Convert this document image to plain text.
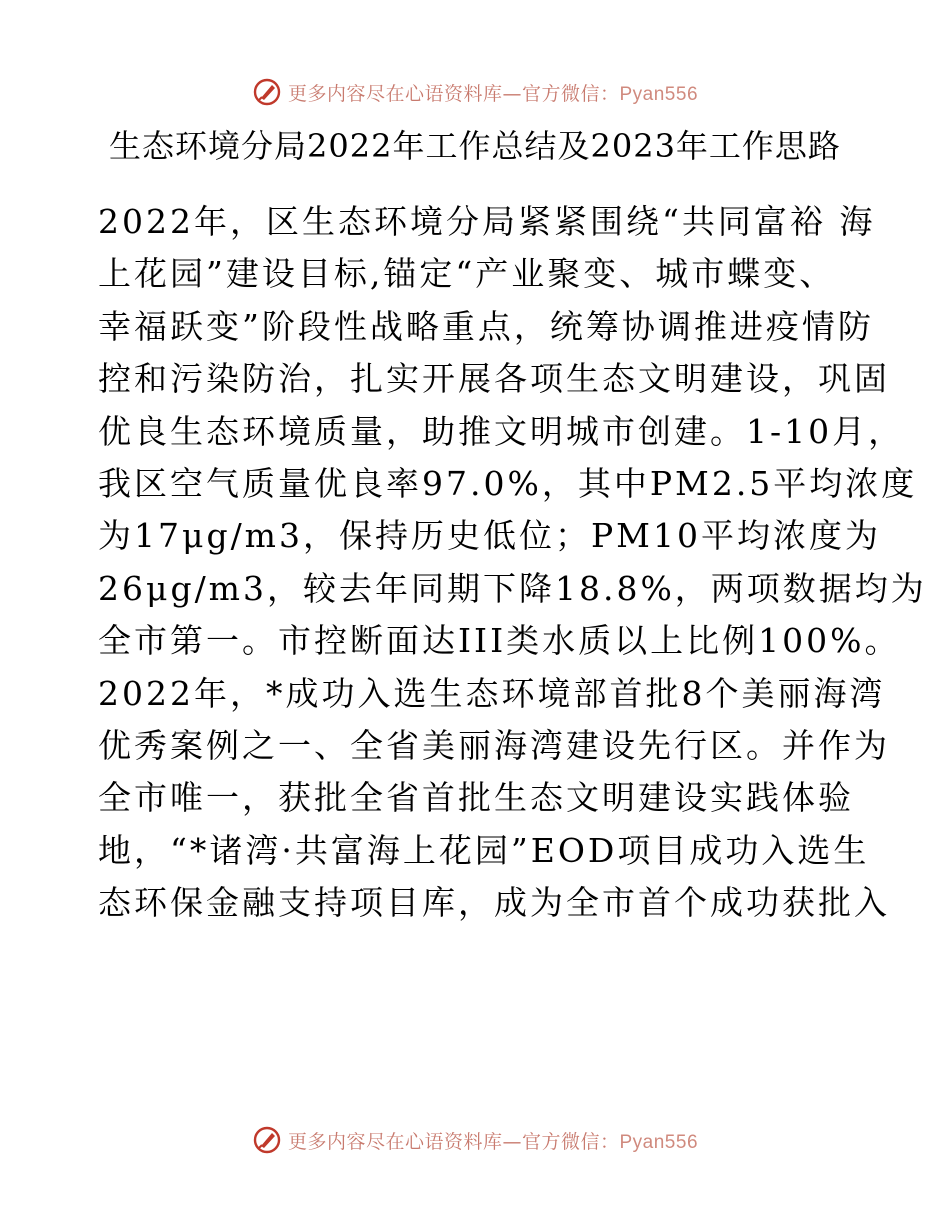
更多内容尽在心语资料库—官方微信：Pyan556
生态环境分局2022年工作总结及2023年工作思路
2022年，区生态环境分局紧紧围绕“共同富裕 海
上花园”建设目标,锚定“产业聚变、城市蝶变、
幸福跃变”阶段性战略重点，统筹协调推进疫情防
控和污染防治，扎实开展各项生态文明建设，巩固
优良生态环境质量，助推文明城市创建。1-10月，
我区空气质量优良率97.0%，其中PM2.5平均浓度
为17μg/m3，保持历史低位；PM10平均浓度为
26μg/m3，较去年同期下降18.8%，两项数据均为
全市第一。市控断面达III类水质以上比例100%。
2022年，*成功入选生态环境部首批8个美丽海湾
优秀案例之一、全省美丽海湾建设先行区。并作为
全市唯一，获批全省首批生态文明建设实践体验
地，“*诸湾·共富海上花园”EOD项目成功入选生
态环保金融支持项目库，成为全市首个成功获批入
更多内容尽在心语资料库—官方微信：Pyan556
